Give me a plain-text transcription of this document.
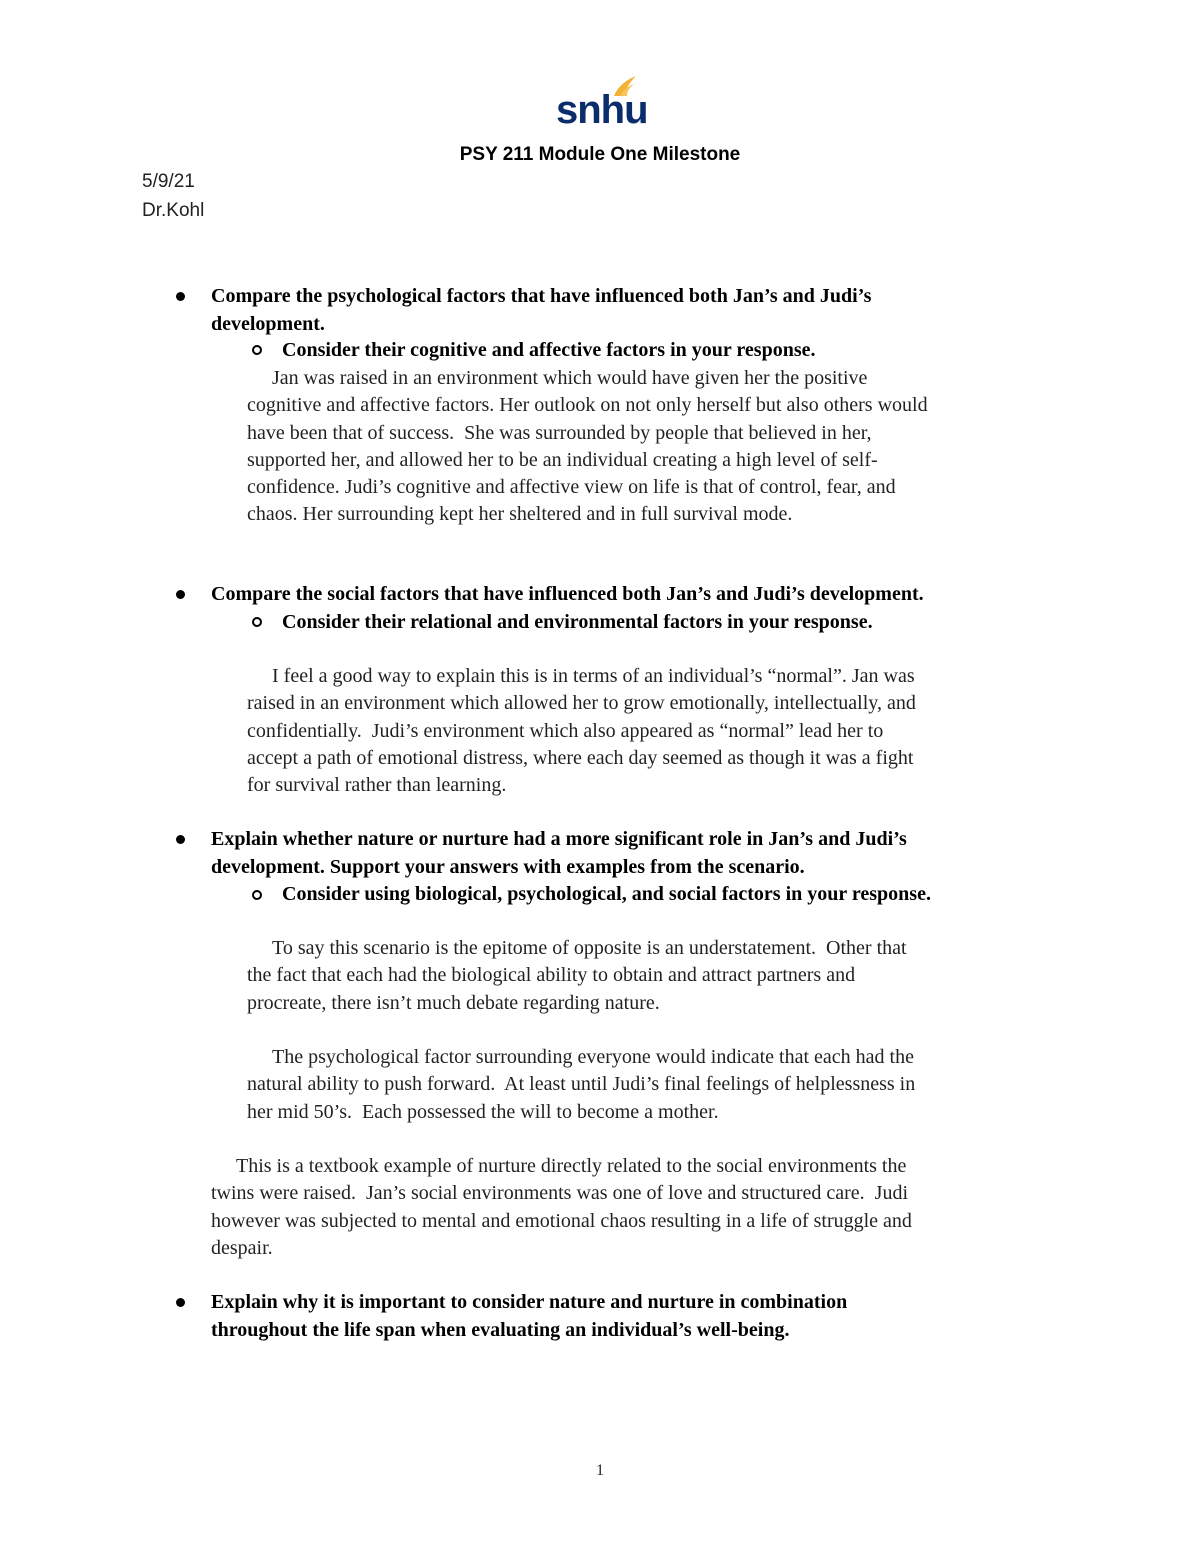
snhu
PSY 211 Module One Milestone
5/9/21
Dr.Kohl
Compare the psychological factors that have influenced both Jan’s and Judi’s
development.
Consider their cognitive and affective factors in your response.
Jan was raised in an environment which would have given her the positive
cognitive and affective factors. Her outlook on not only herself but also others would
have been that of success.  She was surrounded by people that believed in her,
supported her, and allowed her to be an individual creating a high level of self-
confidence. Judi’s cognitive and affective view on life is that of control, fear, and
chaos. Her surrounding kept her sheltered and in full survival mode.
Compare the social factors that have influenced both Jan’s and Judi’s development.
Consider their relational and environmental factors in your response.
I feel a good way to explain this is in terms of an individual’s “normal”. Jan was
raised in an environment which allowed her to grow emotionally, intellectually, and
confidentially.  Judi’s environment which also appeared as “normal” lead her to
accept a path of emotional distress, where each day seemed as though it was a fight
for survival rather than learning.
Explain whether nature or nurture had a more significant role in Jan’s and Judi’s
development. Support your answers with examples from the scenario.
Consider using biological, psychological, and social factors in your response.
To say this scenario is the epitome of opposite is an understatement.  Other that
the fact that each had the biological ability to obtain and attract partners and
procreate, there isn’t much debate regarding nature.
The psychological factor surrounding everyone would indicate that each had the
natural ability to push forward.  At least until Judi’s final feelings of helplessness in
her mid 50’s.  Each possessed the will to become a mother.
This is a textbook example of nurture directly related to the social environments the
twins were raised.  Jan’s social environments was one of love and structured care.  Judi
however was subjected to mental and emotional chaos resulting in a life of struggle and
despair.
Explain why it is important to consider nature and nurture in combination
throughout the life span when evaluating an individual’s well-being.
1
